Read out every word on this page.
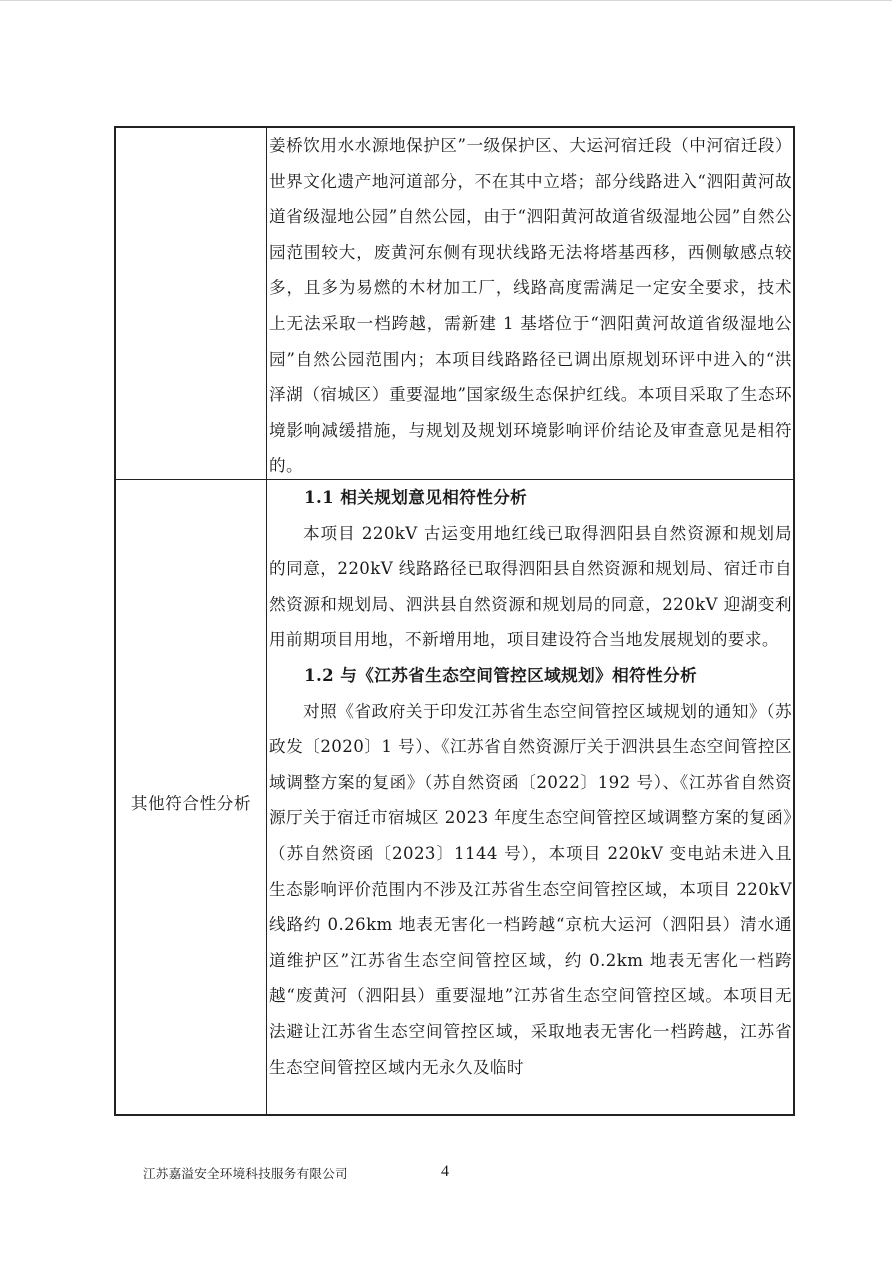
姜桥饮用水水源地保护区”一级保护区、大运河宿迁段（中河宿迁段）世界文化遗产地河道部分，不在其中立塔；部分线路进入“泗阳黄河故道省级湿地公园”自然公园，由于“泗阳黄河故道省级湿地公园”自然公园范围较大，废黄河东侧有现状线路无法将塔基西移，西侧敏感点较多，且多为易燃的木材加工厂，线路高度需满足一定安全要求，技术上无法采取一档跨越，需新建 1 基塔位于“泗阳黄河故道省级湿地公园”自然公园范围内；本项目线路路径已调出原规划环评中进入的“洪泽湖（宿城区）重要湿地”国家级生态保护红线。本项目采取了生态环境影响减缓措施，与规划及规划环境影响评价结论及审查意见是相符的。

其他符合性分析

1.1 相关规划意见相符性分析

本项目 220kV 古运变用地红线已取得泗阳县自然资源和规划局的同意，220kV 线路路径已取得泗阳县自然资源和规划局、宿迁市自然资源和规划局、泗洪县自然资源和规划局的同意，220kV 迎湖变利用前期项目用地，不新增用地，项目建设符合当地发展规划的要求。

1.2 与《江苏省生态空间管控区域规划》相符性分析

对照《省政府关于印发江苏省生态空间管控区域规划的通知》（苏政发〔2020〕1 号）、《江苏省自然资源厅关于泗洪县生态空间管控区域调整方案的复函》（苏自然资函〔2022〕192 号）、《江苏省自然资源厅关于宿迁市宿城区 2023 年度生态空间管控区域调整方案的复函》（苏自然资函〔2023〕1144 号），本项目 220kV 变电站未进入且生态影响评价范围内不涉及江苏省生态空间管控区域，本项目 220kV 线路约 0.26km 地表无害化一档跨越“京杭大运河（泗阳县）清水通道维护区”江苏省生态空间管控区域，约 0.2km 地表无害化一档跨越“废黄河（泗阳县）重要湿地”江苏省生态空间管控区域。本项目无法避让江苏省生态空间管控区域，采取地表无害化一档跨越，江苏省生态空间管控区域内无永久及临时

江苏嘉溢安全环境科技服务有限公司	4
